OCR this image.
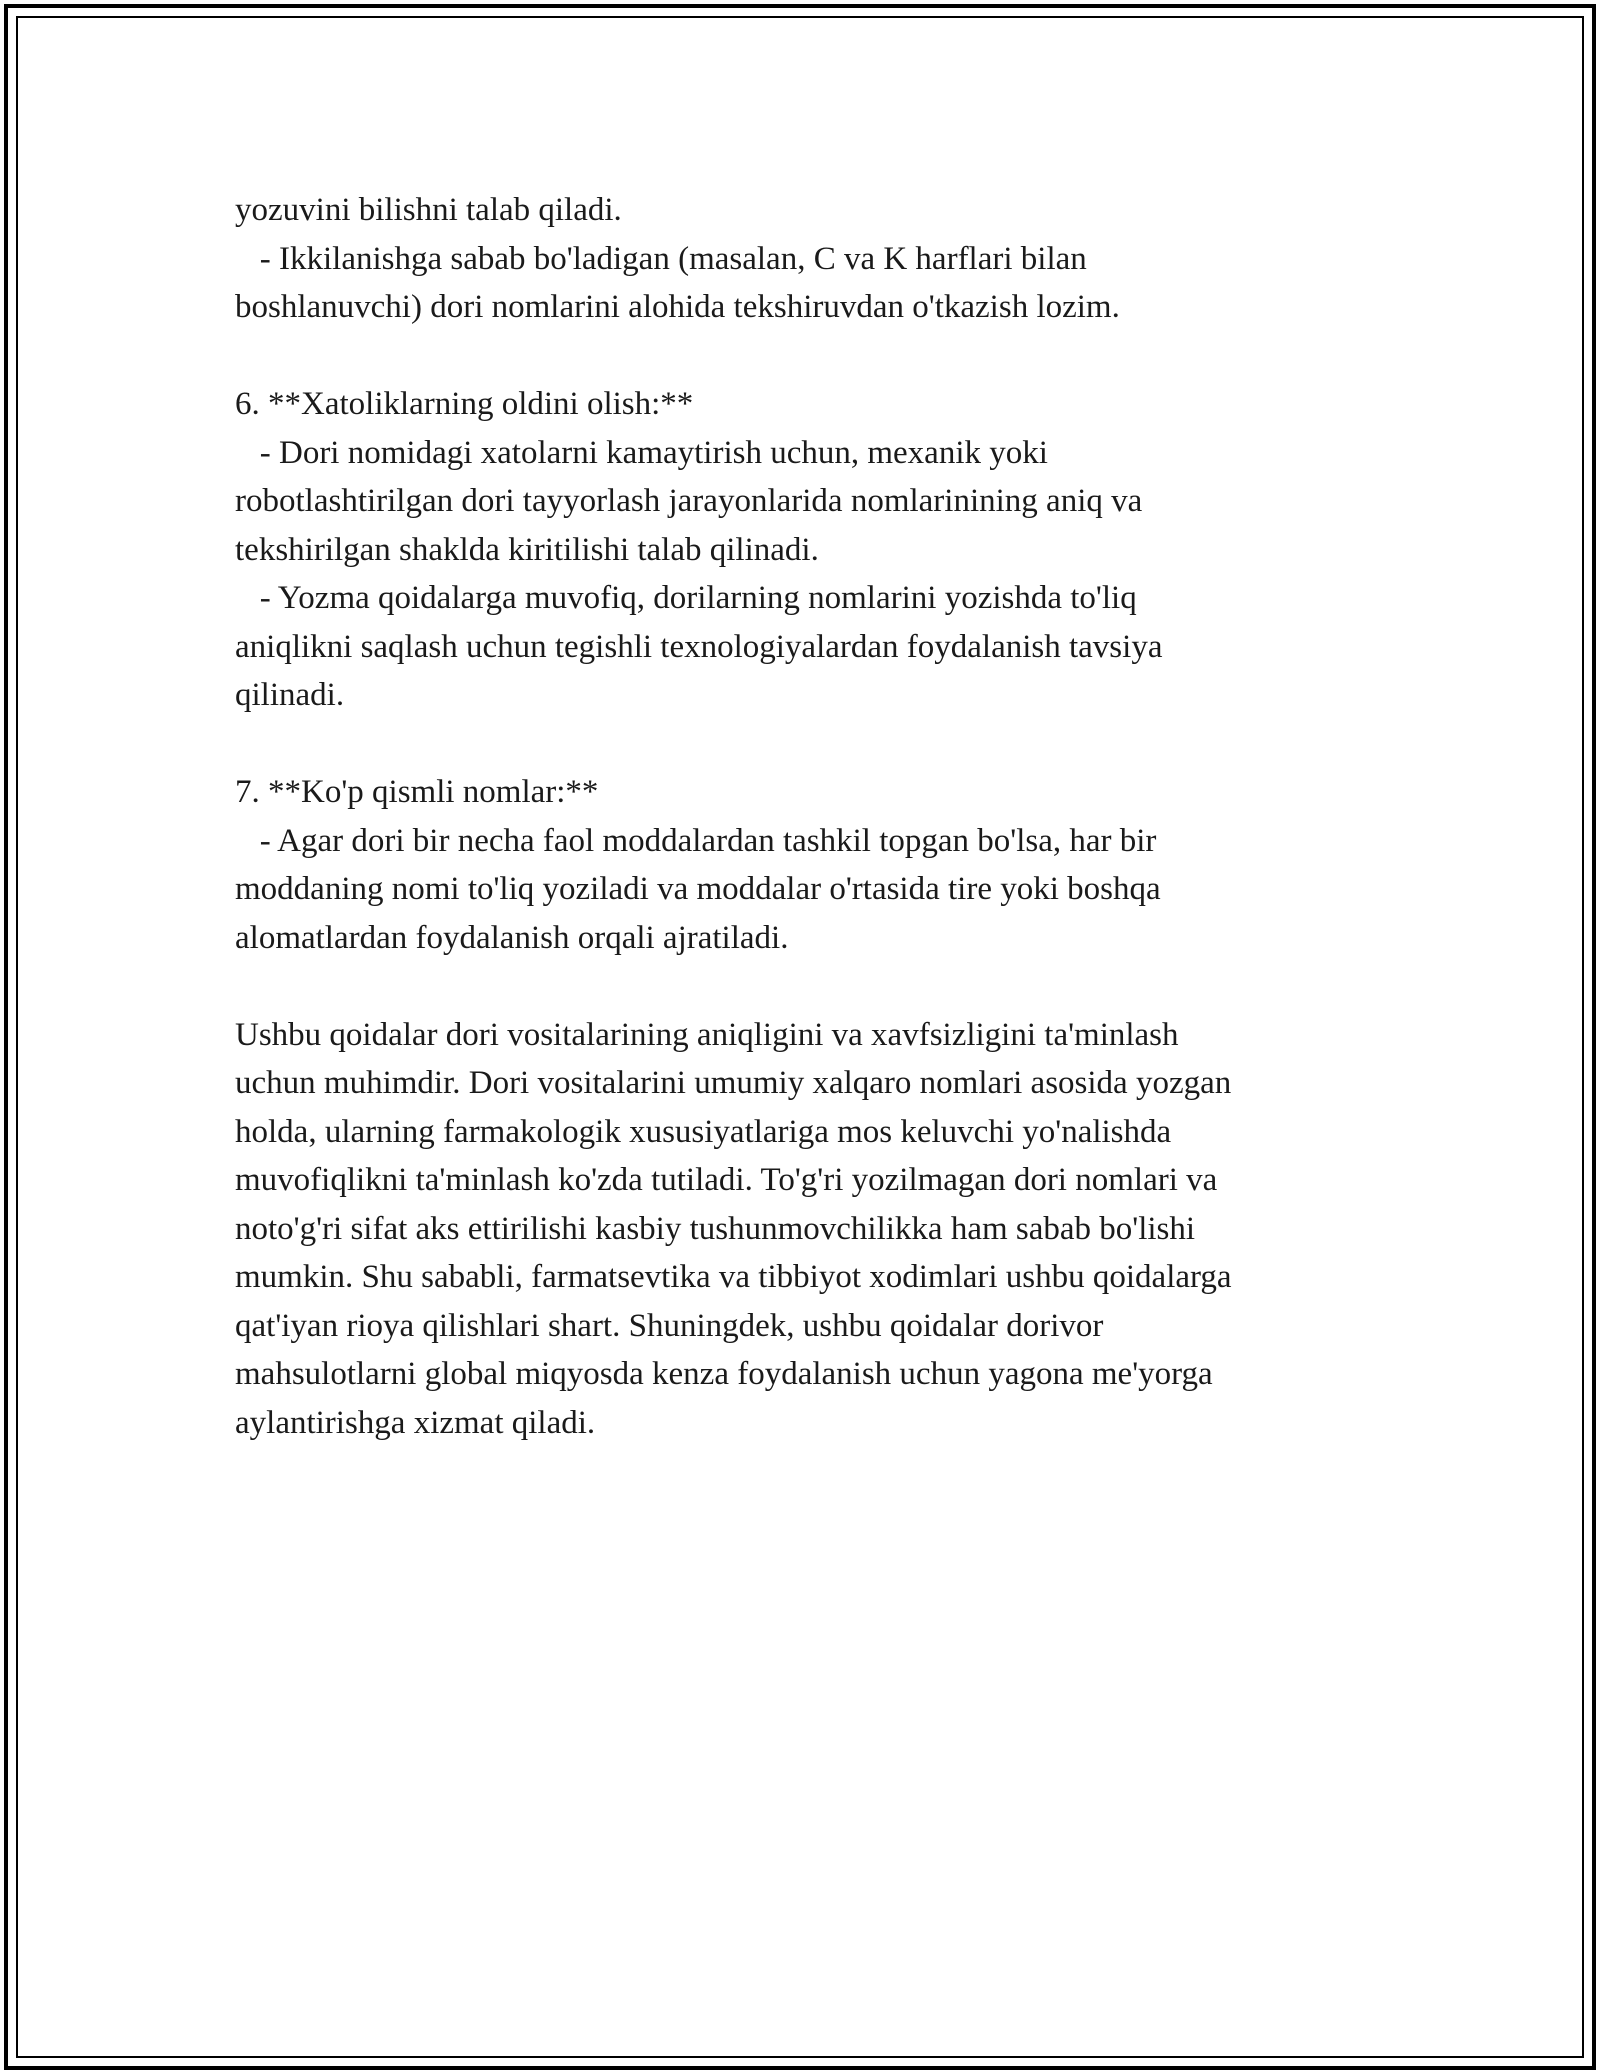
yozuvini bilishni talab qiladi.
- Ikkilanishga sabab bo'ladigan (masalan, C va K harflari bilan
boshlanuvchi) dori nomlarini alohida tekshiruvdan o'tkazish lozim.
6. **Xatoliklarning oldini olish:**
- Dori nomidagi xatolarni kamaytirish uchun, mexanik yoki
robotlashtirilgan dori tayyorlash jarayonlarida nomlarinining aniq va
tekshirilgan shaklda kiritilishi talab qilinadi.
- Yozma qoidalarga muvofiq, dorilarning nomlarini yozishda to'liq
aniqlikni saqlash uchun tegishli texnologiyalardan foydalanish tavsiya
qilinadi.
7. **Ko'p qismli nomlar:**
- Agar dori bir necha faol moddalardan tashkil topgan bo'lsa, har bir
moddaning nomi to'liq yoziladi va moddalar o'rtasida tire yoki boshqa
alomatlardan foydalanish orqali ajratiladi.
Ushbu qoidalar dori vositalarining aniqligini va xavfsizligini ta'minlash
uchun muhimdir. Dori vositalarini umumiy xalqaro nomlari asosida yozgan
holda, ularning farmakologik xususiyatlariga mos keluvchi yo'nalishda
muvofiqlikni ta'minlash ko'zda tutiladi. To'g'ri yozilmagan dori nomlari va
noto'g'ri sifat aks ettirilishi kasbiy tushunmovchilikka ham sabab bo'lishi
mumkin. Shu sababli, farmatsevtika va tibbiyot xodimlari ushbu qoidalarga
qat'iyan rioya qilishlari shart. Shuningdek, ushbu qoidalar dorivor
mahsulotlarni global miqyosda kenza foydalanish uchun yagona me'yorga
aylantirishga xizmat qiladi.
